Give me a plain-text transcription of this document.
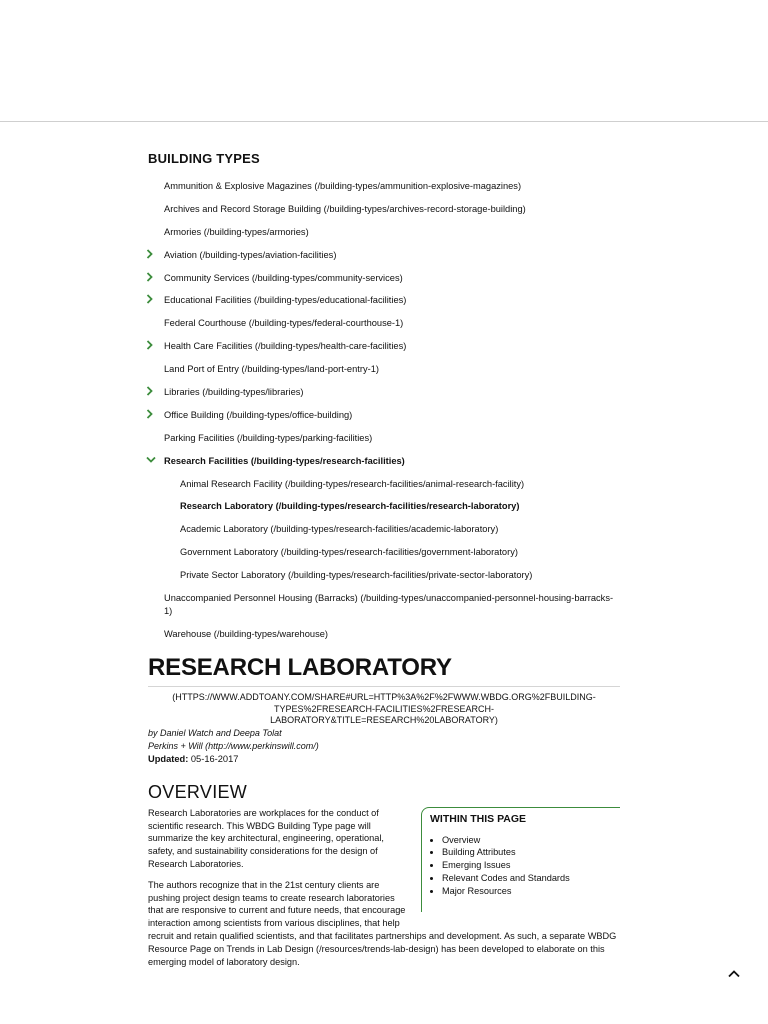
BUILDING TYPES
Ammunition & Explosive Magazines (/building-types/ammunition-explosive-magazines)
Archives and Record Storage Building (/building-types/archives-record-storage-building)
Armories (/building-types/armories)
Aviation (/building-types/aviation-facilities)
Community Services (/building-types/community-services)
Educational Facilities (/building-types/educational-facilities)
Federal Courthouse (/building-types/federal-courthouse-1)
Health Care Facilities (/building-types/health-care-facilities)
Land Port of Entry (/building-types/land-port-entry-1)
Libraries (/building-types/libraries)
Office Building (/building-types/office-building)
Parking Facilities (/building-types/parking-facilities)
Research Facilities (/building-types/research-facilities)
Animal Research Facility (/building-types/research-facilities/animal-research-facility)
Research Laboratory (/building-types/research-facilities/research-laboratory)
Academic Laboratory (/building-types/research-facilities/academic-laboratory)
Government Laboratory (/building-types/research-facilities/government-laboratory)
Private Sector Laboratory (/building-types/research-facilities/private-sector-laboratory)
Unaccompanied Personnel Housing (Barracks) (/building-types/unaccompanied-personnel-housing-barracks-1)
Warehouse (/building-types/warehouse)
RESEARCH LABORATORY
(HTTPS://WWW.ADDTOANY.COM/SHARE#URL=HTTP%3A%2F%2FWWW.WBDG.ORG%2FBUILDING-TYPES%2FRESEARCH-FACILITIES%2FRESEARCH-LABORATORY&TITLE=RESEARCH%20LABORATORY)
by Daniel Watch and Deepa Tolat
Perkins + Will (http://www.perkinswill.com/)
Updated: 05-16-2017
OVERVIEW
WITHIN THIS PAGE
• Overview
• Building Attributes
• Emerging Issues
• Relevant Codes and Standards
• Major Resources

Research Laboratories are workplaces for the conduct of scientific research. This WBDG Building Type page will summarize the key architectural, engineering, operational, safety, and sustainability considerations for the design of Research Laboratories.

The authors recognize that in the 21st century clients are pushing project design teams to create research laboratories that are responsive to current and future needs, that encourage interaction among scientists from various disciplines, that help recruit and retain qualified scientists, and that facilitates partnerships and development. As such, a separate WBDG Resource Page on Trends in Lab Design (/resources/trends-lab-design) has been developed to elaborate on this emerging model of laboratory design.
